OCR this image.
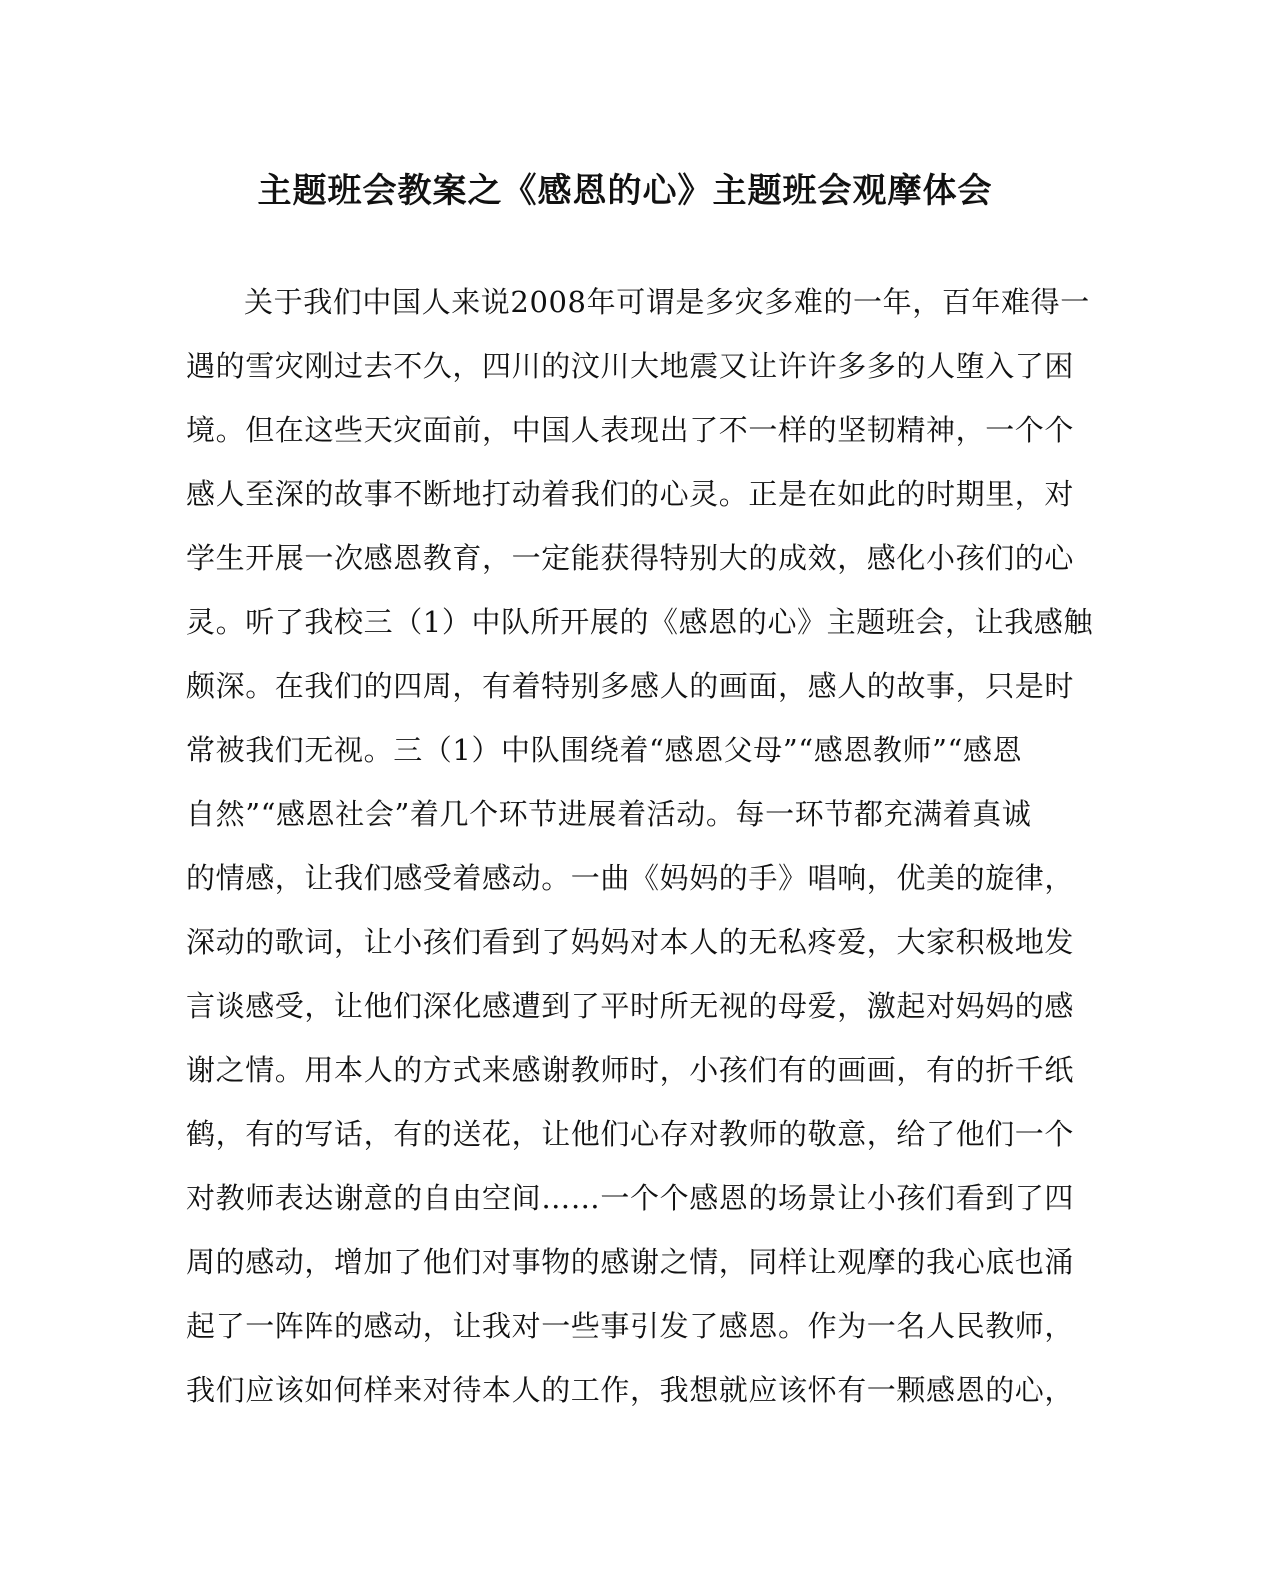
主题班会教案之《感恩的心》主题班会观摩体会
关于我们中国人来说2008年可谓是多灾多难的一年，百年难得一
遇的雪灾刚过去不久，四川的汶川大地震又让许许多多的人堕入了困
境。但在这些天灾面前，中国人表现出了不一样的坚韧精神，一个个
感人至深的故事不断地打动着我们的心灵。正是在如此的时期里，对
学生开展一次感恩教育，一定能获得特别大的成效，感化小孩们的心
灵。听了我校三（1）中队所开展的《感恩的心》主题班会，让我感触
颇深。在我们的四周，有着特别多感人的画面，感人的故事，只是时
常被我们无视。三（1）中队围绕着“感恩父母”“感恩教师”“感恩
自然”“感恩社会”着几个环节进展着活动。每一环节都充满着真诚
的情感，让我们感受着感动。一曲《妈妈的手》唱响，优美的旋律，
深动的歌词，让小孩们看到了妈妈对本人的无私疼爱，大家积极地发
言谈感受，让他们深化感遭到了平时所无视的母爱，激起对妈妈的感
谢之情。用本人的方式来感谢教师时，小孩们有的画画，有的折千纸
鹤，有的写话，有的送花，让他们心存对教师的敬意，给了他们一个
对教师表达谢意的自由空间……一个个感恩的场景让小孩们看到了四
周的感动，增加了他们对事物的感谢之情，同样让观摩的我心底也涌
起了一阵阵的感动，让我对一些事引发了感恩。作为一名人民教师，
我们应该如何样来对待本人的工作，我想就应该怀有一颗感恩的心，
